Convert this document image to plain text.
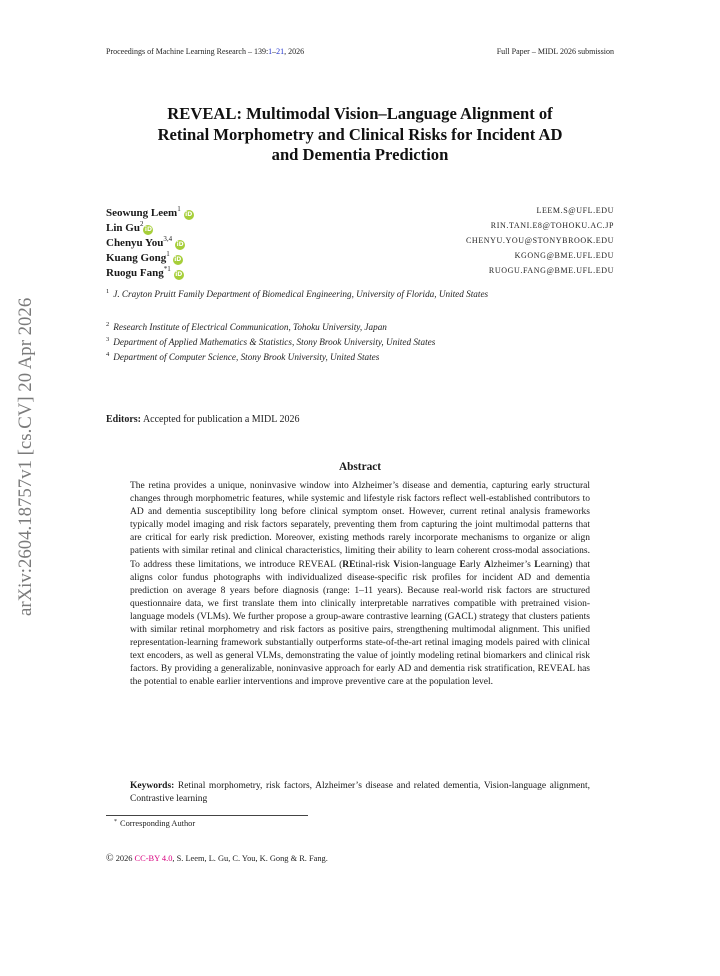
Proceedings of Machine Learning Research – 139:1–21, 2026	Full Paper – MIDL 2026 submission
arXiv:2604.18757v1 [cs.CV] 20 Apr 2026
REVEAL: Multimodal Vision–Language Alignment of
Retinal Morphometry and Clinical Risks for Incident AD
and Dementia Prediction
Seowung Leem$^1$iD	LEEM.S@UFL.EDU
Lin Gu$^2$iD	RIN.TANI.E8@TOHOKU.AC.JP
Chenyu You$^{3,4}$iD	CHENYU.YOU@STONYBROOK.EDU
Kuang Gong$^1$iD	KGONG@BME.UFL.EDU
Ruogu Fang$^{*1}$iD	RUOGU.FANG@BME.UFL.EDU
$^1$ J. Crayton Pruitt Family Department of Biomedical Engineering, University of Florida, United States
$^2$ Research Institute of Electrical Communication, Tohoku University, Japan
$^3$ Department of Applied Mathematics & Statistics, Stony Brook University, United States
$^4$ Department of Computer Science, Stony Brook University, United States
Editors: Accepted for publication a MIDL 2026
Abstract
The retina provides a unique, noninvasive window into Alzheimer’s disease and dementia, capturing early structural changes through morphometric features, while systemic and lifestyle risk factors reflect well-established contributors to AD and dementia susceptibility long before clinical symptom onset. However, current retinal analysis frameworks typically model imaging and risk factors separately, preventing them from capturing the joint multimodal patterns that are critical for early risk prediction. Moreover, existing methods rarely incorporate mechanisms to organize or align patients with similar retinal and clinical characteristics, limiting their ability to learn coherent cross-modal associations. To address these limitations, we introduce REVEAL (REtinal-risk Vision-language Early Alzheimer’s Learning) that aligns color fundus photographs with individualized disease-specific risk profiles for incident AD and dementia prediction on average 8 years before diagnosis (range: 1–11 years). Because real-world risk factors are structured questionnaire data, we first translate them into clinically interpretable narratives compatible with pretrained vision-language models (VLMs). We further propose a group-aware contrastive learning (GACL) strategy that clusters patients with similar retinal morphometry and risk factors as positive pairs, strengthening multimodal alignment. This unified representation-learning framework substantially outperforms state-of-the-art retinal imaging models paired with clinical text encoders, as well as general VLMs, demonstrating the value of jointly modeling retinal biomarkers and clinical risk factors. By providing a generalizable, noninvasive approach for early AD and dementia risk stratification, REVEAL has the potential to enable earlier interventions and improve preventive care at the population level.
Keywords: Retinal morphometry, risk factors, Alzheimer’s disease and related dementia, Vision-language alignment, Contrastive learning
* Corresponding Author
© 2026 CC-BY 4.0, S. Leem, L. Gu, C. You, K. Gong & R. Fang.
